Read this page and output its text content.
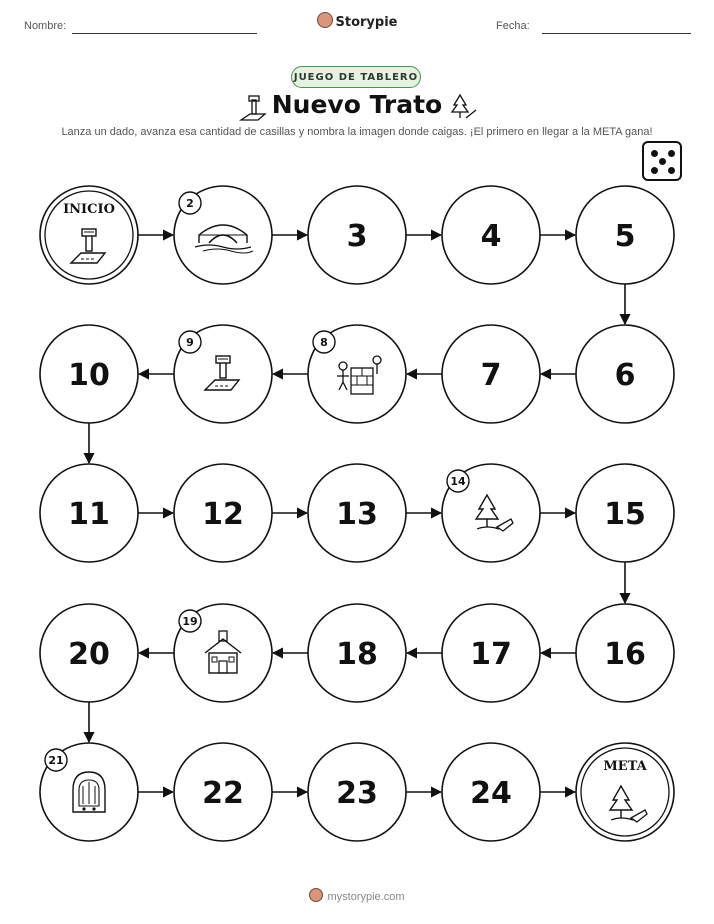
Nombre:	Storypie	Fecha:
JUEGO DE TABLERO
Nuevo Trato
Lanza un dado, avanza esa cantidad de casillas y nombra la imagen donde caigas. ¡El primero en llegar a la META gana!
INICIO	2
3	4	5
6
7
8
9
10
11	12	13
14
15
16
17
18
19
20
21
22	23	24
META
mystorypie.com
